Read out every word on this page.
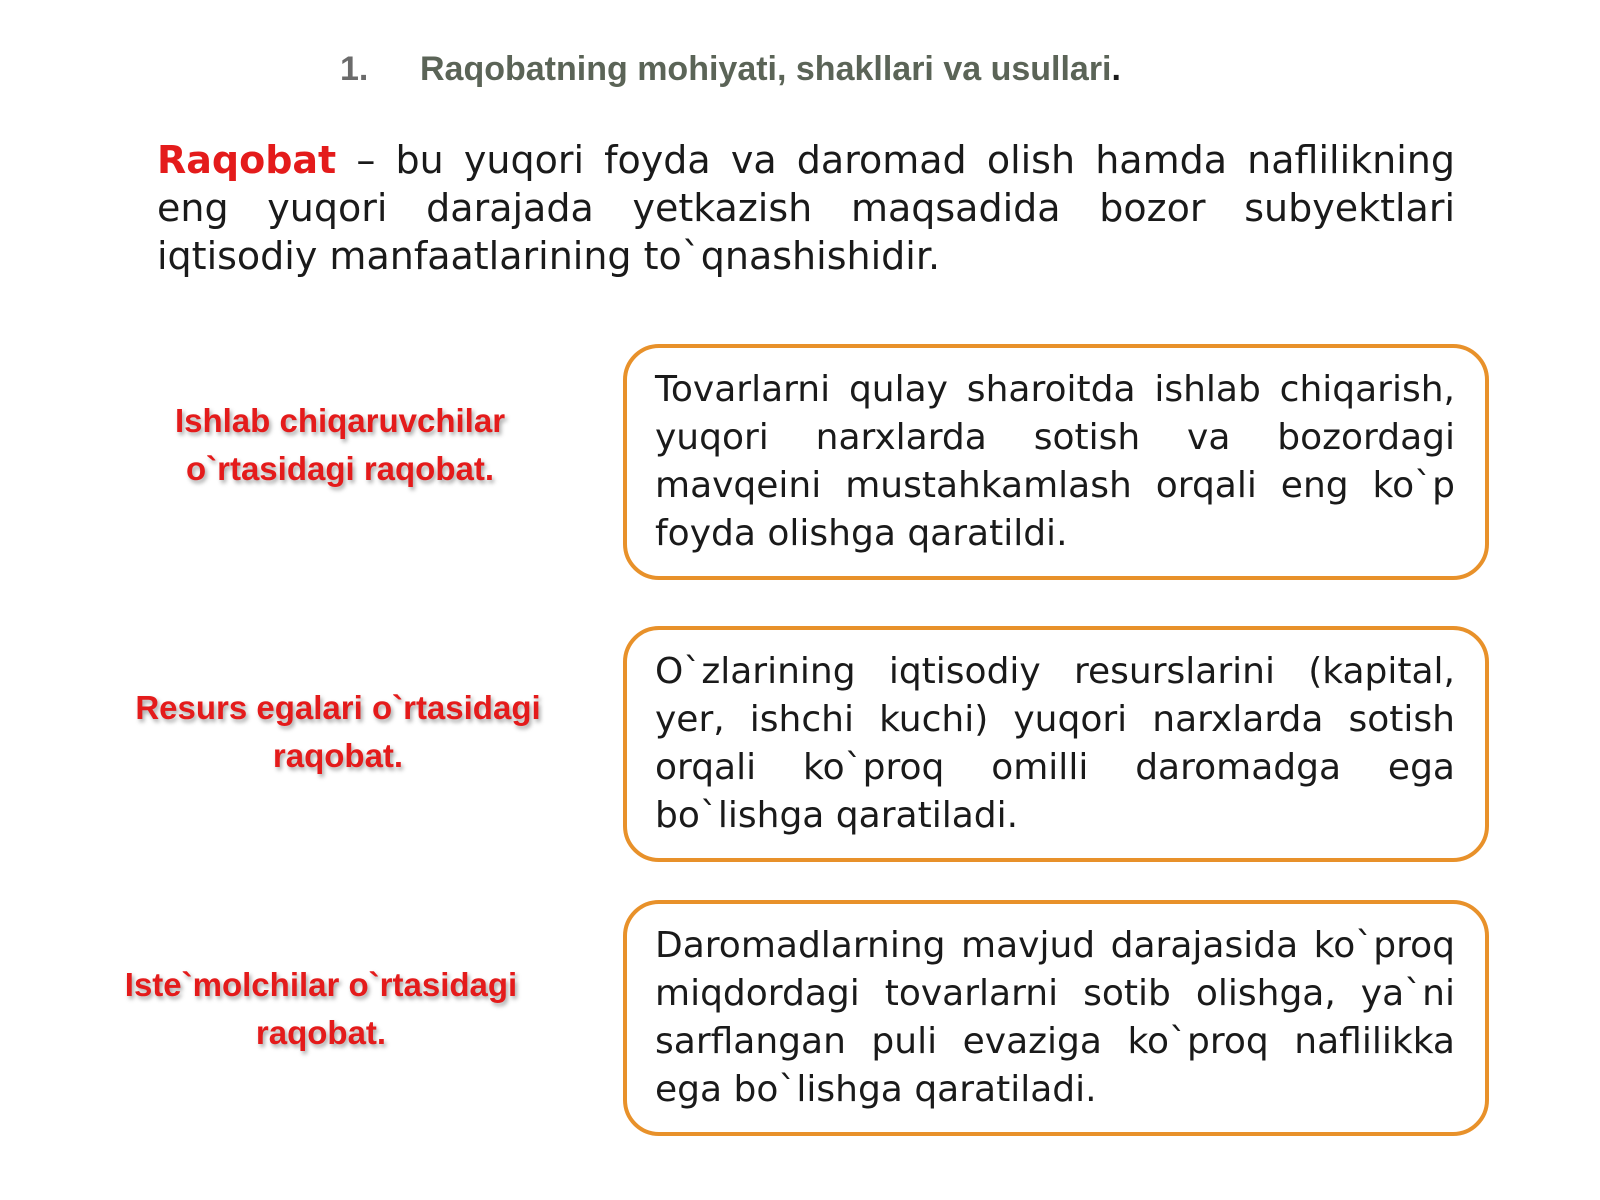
1. Raqobatning mohiyati, shakllari va usullari.
Raqobat – bu yuqori foyda va daromad olish hamda naflilikning eng yuqori darajada yetkazish maqsadida bozor subyektlari iqtisodiy manfaatlarining to`qnashishidir.
Ishlab chiqaruvchilar
o`rtasidagi raqobat.
Tovarlarni qulay sharoitda ishlab chiqarish, yuqori narxlarda sotish va bozordagi mavqeini mustahkamlash orqali eng ko`p foyda olishga qaratildi.
Resurs egalari o`rtasidagi
raqobat.
O`zlarining iqtisodiy resurslarini (kapital, yer, ishchi kuchi) yuqori narxlarda sotish orqali ko`proq omilli daromadga ega bo`lishga qaratiladi.
Iste`molchilar o`rtasidagi
raqobat.
Daromadlarning mavjud darajasida ko`proq miqdordagi tovarlarni sotib olishga, ya`ni sarflangan puli evaziga ko`proq naflilikka ega bo`lishga qaratiladi.
